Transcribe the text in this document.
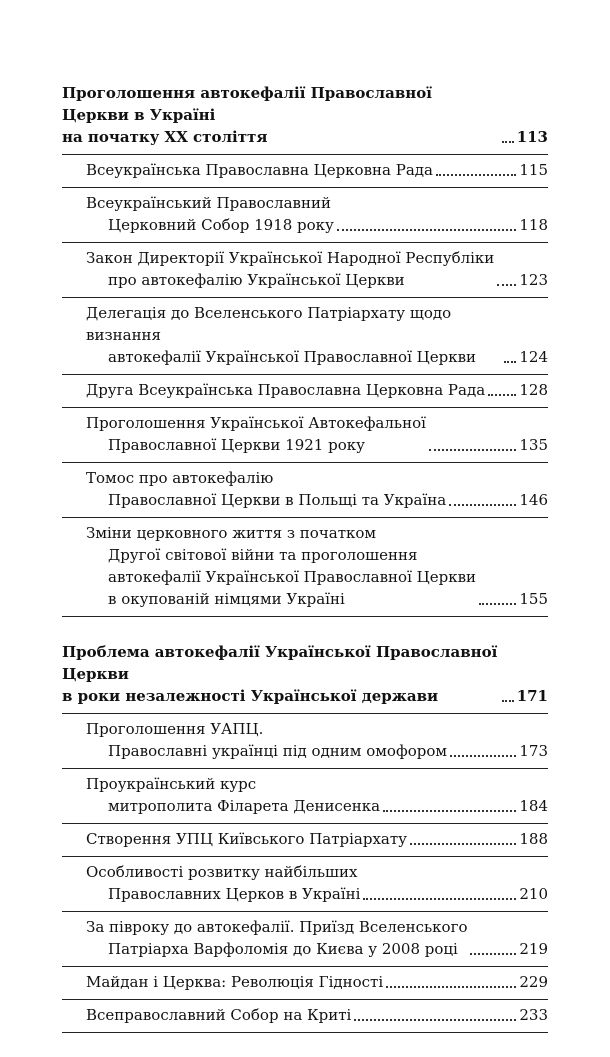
Проголошення автокефалії Православної Церкви в Україні
на початку XX століття	113
Всеукраїнська Православна Церковна Рада	115
Всеукраїнський Православний
Церковний Собор 1918 року	118
Закон Директорії Української Народної Республіки
про автокефалію Української Церкви	123
Делегація до Вселенського Патріархату щодо визнання
автокефалії Української Православної Церкви	124
Друга Всеукраїнська Православна Церковна Рада 128
Проголошення Української Автокефальної
Православної Церкви 1921 року	135
Томос про автокефалію
Православної Церкви в Польщі та Україна	146
Зміни церковного життя з початком
Другої світової війни та проголошення
автокефалії Української Православної Церкви
в окупованій німцями Україні	155
Проблема автокефалії Української Православної Церкви
в роки незалежності Української держави	171
Проголошення УАПЦ.
Православні українці під одним омофором	173
Проукраїнський курс
митрополита Філарета Денисенка	184
Створення УПЦ Київського Патріархату	188
Особливості розвитку найбільших
Православних Церков в Україні	210
За півроку до автокефалії. Приїзд Вселенського
Патріарха Варфоломія до Києва у 2008 році	219
Майдан і Церква: Революція Гідності	229
Всеправославний Собор на Криті	233
